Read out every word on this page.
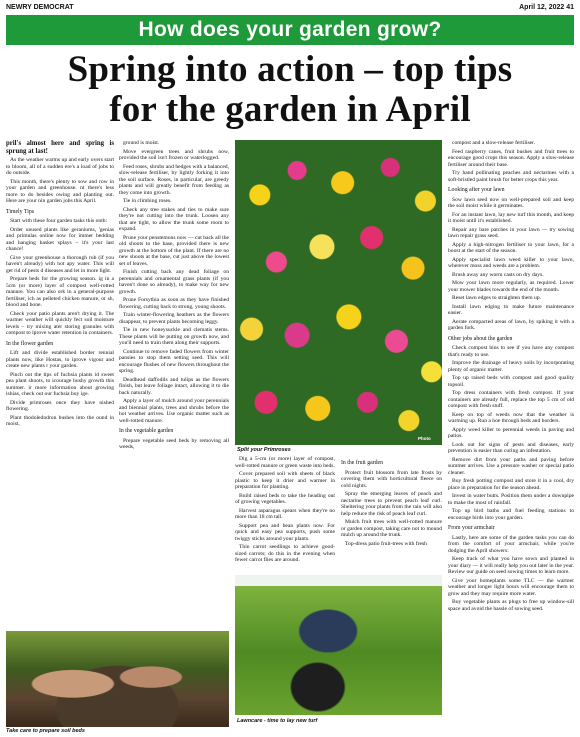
NEWRY DEMOCRAT	April 12, 2022 41
How does your garden grow?
Spring into action – top tips
for the garden in April

pril's almost here and spring is sprung at last!

As the weather warms up and early overs start to bloom, all of a sudden ere's a load of jobs to do outside.

This month, there's plenty to sow and row in your garden and greenhouse. nt there's less more to do besides owing and planting out. Here are your nin garden jobs this April.

Timely Tips

Start with these four garden tasks this onth:

Order unused plants like geraniums, 'genias and primulas online now for immer bedding and hanging basket splays – it's your last chance!

Give your greenhouse a thorough rub (if you haven't already) with hot apy water. This will get rid of pests d diseases and let in more light.

Prepare beds for the growing season. ig in a 5cm (or more) layer of compost well-rotted manure. You can also ork in a general-purpose fertiliser, ich as pelleted chicken manure, or sh, blood and bone.

Check your patio plants aren't drying it. The warmer weather will quickly fect soil moisture levels – try mixing ater storing granules with compost to iprove water retention in containers.

In the flower garden

Lift and divide established border rennial plants now, like Hostas, to iprove vigour and create new plants r your garden.

Pinch out the tips of fuchsia plants id sweet pea plant shoots, to icourage bushy growth this summer. ir more information about growing ishias, check out our fuchsia buy ige.

Divide primroses once they have nished flowering.

Plant thodoledndron bushes into the ound in moist,

ground is moist.

Move evergreen trees and shrubs now, provided the soil isn't frozen or waterlogged.

Feed roses, shrubs and hedges with a balanced, slow-release fertiliser, by lightly forking it into the soil surface. Roses, in particular, are greedy plants and will greatly benefit from feeding as they come into growth.

Tie in climbing roses.

Check any tree stakes and ties to make sure they're not cutting into the trunk. Loosen any that are tight, to allow the trunk some room to expand.

Prune your penstemons now — cut back all the old shoots to the base, provided there is new growth at the bottom of the plant. If there are no new shoots at the base, cut just above the lowest set of leaves.

Finish cutting back any dead foliage on perennials and ornamental grass plants (if you haven't done so already), to make way for new growth.

Prune Forsythia as soon as they have finished flowering, cutting back to strong, young shoots.

Train winter-flowering heathers as the flowers disappear, to prevent plants becoming leggy.

Tie in new honeysuckle and clematis stems. These plants will be putting on growth now, and you'll need to train them along their supports.

Continue to remove faded flowers from winter pansies to stop them setting seed. This will encourage flushes of new flowers throughout the spring.

Deadhead daffodils and tulips as the flowers finish, but leave foliage intact, allowing it to die back naturally.

Apply a layer of mulch around your perennials and biennial plants, trees and shrubs before the hot weather arrives. Use organic matter such as well-rotted manure.

In the vegetable garden

Prepare vegetable seed beds by removing all weeds,

Take care to prepare soil beds
Photo
Split your Primroses

Dig a 5-cm (or more) layer of compost, well-rotted manure or green waste into beds.

Cover prepared soil with sheets of black plastic to keep it drier and warmer in preparation for planting.

Build raised beds to take the heading out of growing vegetables.

Harvest asparagus spears when they're no more than 18 cm tall.

Support pea and bean plants now. For quick and easy pea supports, push some twiggy sticks around your plants.

Thin carrot seedlings to achieve good-sized carrots; do this in the evening when fewer carrot flies are around.

In the fruit garden

Protect fruit blossom from late frosts by covering them with horticultural fleece on cold nights.

Spray the emerging leaves of peach and nectarine trees to prevent peach leaf curl. Sheltering your plants from the rain will also help reduce the risk of peach leaf curl.

Mulch fruit trees with well-rotted manure or garden compost, taking care not to mound mulch up around the trunk.

Top-dress patio fruit-trees with fresh

Lawncare - time to lay new turf

compost and a slow-release fertiliser.

Feed raspberry canes, fruit bushes and fruit trees to encourage good crops this season. Apply a slow-release fertiliser around their base.

Try hand pollinating peaches and nectarines with a soft-bristled paint brush for better crops this year.

Looking after your lawn

Sow lawn seed now on well-prepared soil and keep the soil moist while it germinates.

For an instant lawn, lay new turf this month, and keep it moist until it's established.

Repair any bare patches in your lawn — try sowing lawn repair grass seed.

Apply a high-nitrogen fertiliser to your lawn, for a boost at the start of the season.

Apply specialist lawn weed killer to your lawn, wherever moss and weeds are a problem.

Brush away any worm casts on dry days.

Mow your lawn more regularly, as required. Lower your mower blades towards the end of the month.

Reset lawn edges to straighten them up.

Install lawn edging to make future maintenance easier.

Aerate compacted areas of lawn, by spiking it with a garden fork.

Other jobs about the garden

Check compost bins to see if you have any compost that's ready to use.

Improve the drainage of heavy soils by incorporating plenty of organic matter.

Top up raised beds with compost and good quality topsoil.

Top dress containers with fresh compost. If your containers are already full, replace the top 5 cm of old compost with fresh stuff.

Keep on top of weeds now that the weather is warming up. Run a hoe through beds and borders.

Apply weed killer to perennial weeds in paving and patios.

Look out for signs of pests and diseases, early prevention is easier than curing an infestation.

Remove dirt from your paths and paving before summer arrives. Use a pressure washer or special patio cleaner.

Buy fresh potting compost and store it in a cool, dry place in preparation for the season ahead.

Invest in water butts. Position them under a downpipe to make the most of rainfall.

Top up bird baths and fuel feeding stations to encourage birds into your garden.

From your armchair

Lastly, here are some of the garden tasks you can do from the comfort of your armchair, while you're dodging the April showers:

Keep track of what you have sown and planted in your diary — it will really help you out later in the year. Review our guide on seed sowing times to learn more.

Give your homeplants some TLC — the warmer weather and longer light hours will encourage them to grow and they may require more water.

Buy vegetable plants as plugs to free up window-sill space and avoid the hassle of sowing seed.
